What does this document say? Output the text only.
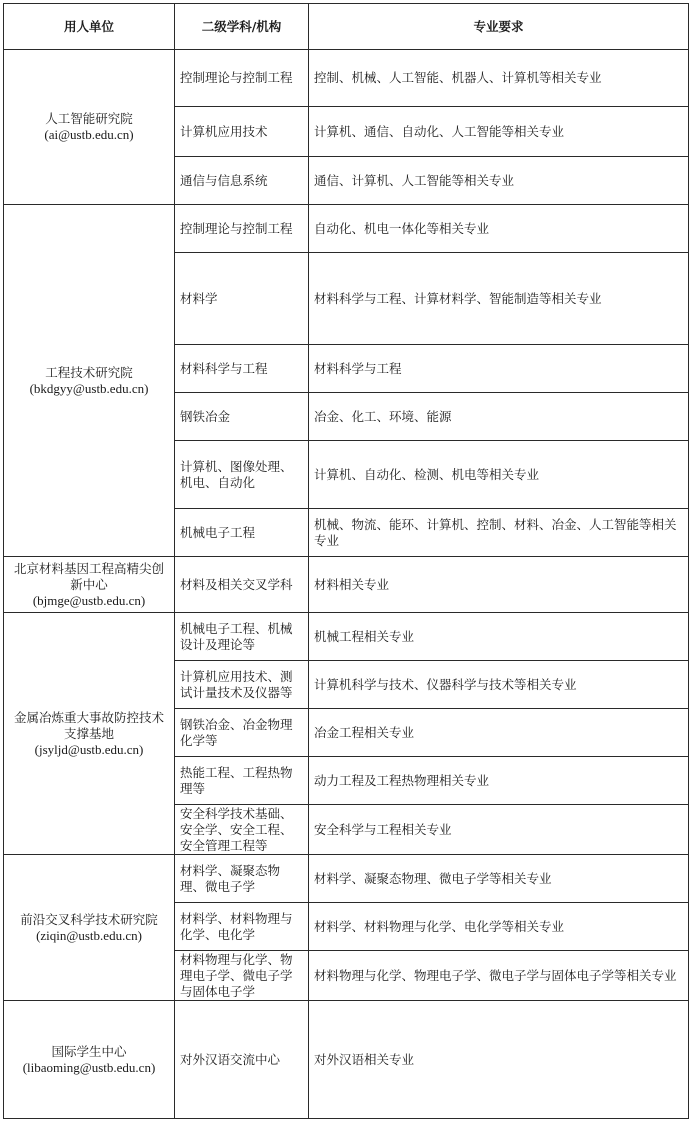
用人单位	二级学科/机构	专业要求

人工智能研究院
(ai@ustb.edu.cn)	控制理论与控制工程	控制、机械、人工智能、机器人、计算机等相关专业
	计算机应用技术	计算机、通信、自动化、人工智能等相关专业
	通信与信息系统	通信、计算机、人工智能等相关专业

工程技术研究院
(bkdgyy@ustb.edu.cn)	控制理论与控制工程	自动化、机电一体化等相关专业
	材料学	材料科学与工程、计算材料学、智能制造等相关专业
	材料科学与工程	材料科学与工程
	钢铁冶金	冶金、化工、环境、能源
	计算机、图像处理、机电、自动化	计算机、自动化、检测、机电等相关专业
	机械电子工程	机械、物流、能环、计算机、控制、材料、冶金、人工智能等相关专业

北京材料基因工程高精尖创新中心
(bjmge@ustb.edu.cn)	材料及相关交叉学科	材料相关专业

金属冶炼重大事故防控技术支撑基地
(jsyljd@ustb.edu.cn)	机械电子工程、机械设计及理论等	机械工程相关专业
	计算机应用技术、测试计量技术及仪器等	计算机科学与技术、仪器科学与技术等相关专业
	钢铁冶金、冶金物理化学等	冶金工程相关专业
	热能工程、工程热物理等	动力工程及工程热物理相关专业
	安全科学技术基础、安全学、安全工程、安全管理工程等	安全科学与工程相关专业

前沿交叉科学技术研究院
(ziqin@ustb.edu.cn)	材料学、凝聚态物理、微电子学	材料学、凝聚态物理、微电子学等相关专业
	材料学、材料物理与化学、电化学	材料学、材料物理与化学、电化学等相关专业
	材料物理与化学、物理电子学、微电子学与固体电子学	材料物理与化学、物理电子学、微电子学与固体电子学等相关专业

国际学生中心
(libaoming@ustb.edu.cn)	对外汉语交流中心	对外汉语相关专业
